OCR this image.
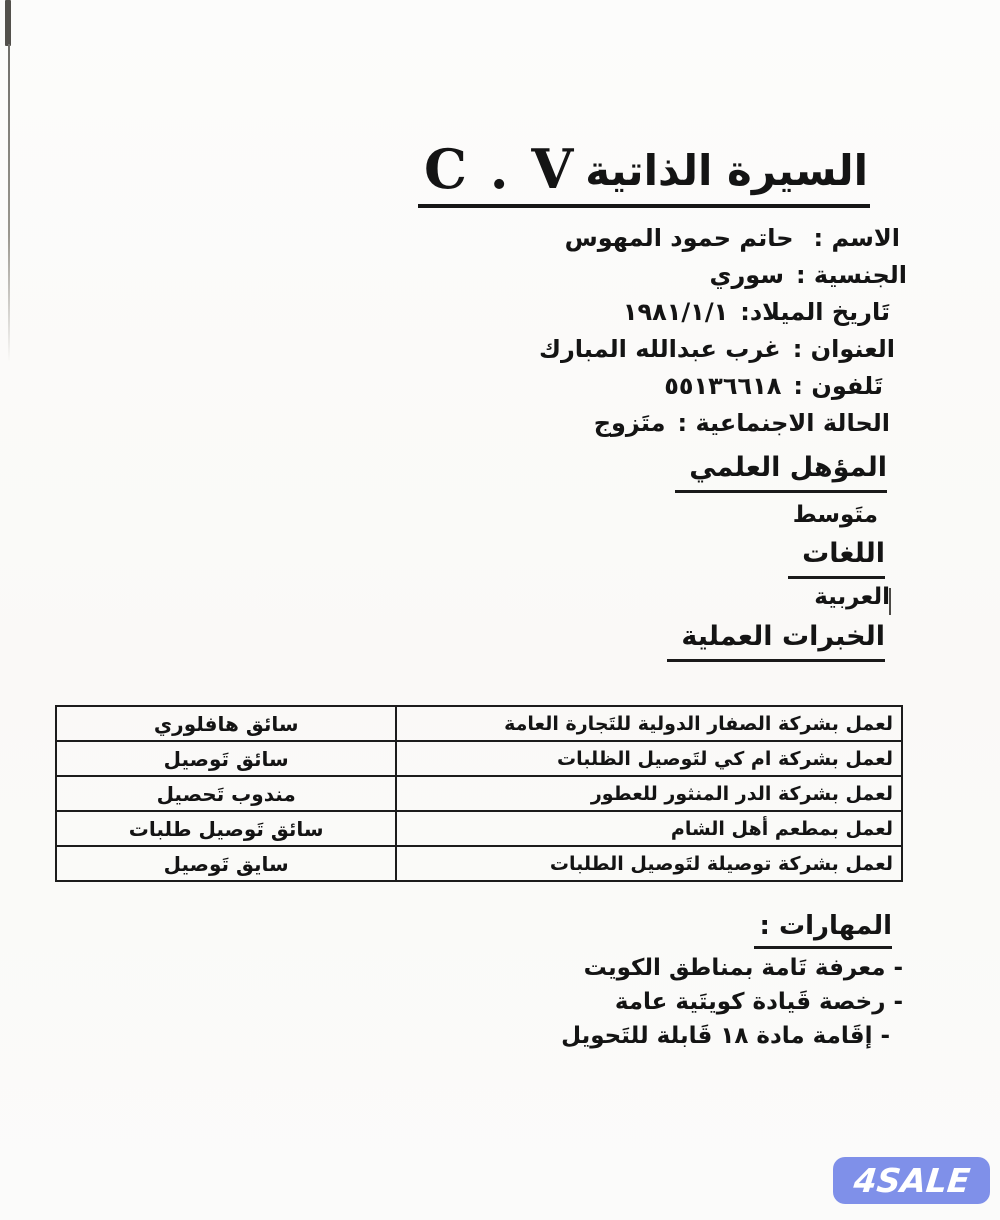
C . V السيرة الذاتية
الاسم :حاتم حمود المهوس
الجنسية :سوري
تَاريخ الميلاد:١٩٨١/١/١
العنوان :غرب عبدالله المبارك
تَلفون :٥٥١٣٦٦١٨
الحالة الاجنماعية :متَزوج
المؤهل العلمي
متَوسط
اللغات
العربية
الخبرات العملية
لعمل بشركة الصفار الدولية للتَجارة العامة	سائق هافلوري
لعمل بشركة ام كي لتَوصيل الظلبات	سائق تَوصيل
لعمل بشركة الدر المنثور للعطور	مندوب تَحصيل
لعمل بمطعم أهل الشام	سائق تَوصيل طلبات
لعمل بشركة توصيلة لتَوصيل الطلبات	سايق تَوصيل
المهارات :
- معرفة تَامة بمناطق الكويت
- رخصة قَيادة كويتَية عامة
- إقَامة مادة ١٨ قَابلة للتَحويل
4SALE
